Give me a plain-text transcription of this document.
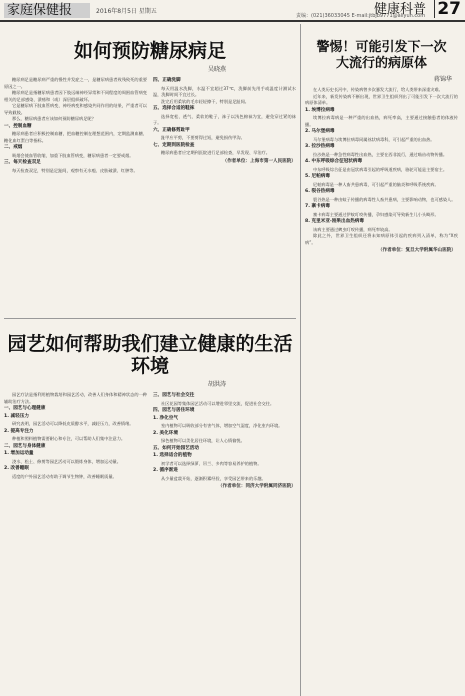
家庭保健报	2016年8月5日 星期五
责编：(021)36033045 E-mail:jtbjb9771@aliyun.com
健康科普 27
如何预防糖尿病足
吴晓燕

糖尿病足是糖尿病严重的慢性并发症之一，是糖尿病患者致残致死的重要原因之一。

糖尿病足是指糖尿病患者因下肢远端神经异常和不同程度的周围血管病变相关的足部感染、溃疡和（或）深层组织破坏。

它是糖尿病下肢血管病变、神经病变和感染共同作用的结果，严重者可以导致截肢。

那么，糖尿病患者应该如何预防糖尿病足呢？

一、控制血糖

糖尿病患者应积极控制血糖，把血糖控制在理想范围内，定期监测血糖、糖化血红蛋白等指标。

二、戒烟

吸烟会使血管收缩，加重下肢血管病变，糖尿病患者一定要戒烟。

三、每天检查双足

每天检查双足，特别是足趾间，观察有无水疱、皮肤破溃、红肿等。

四、正确洗脚

每天用温水洗脚，水温不宜超过37℃，洗脚前先用手或温度计测试水温，洗脚时间不宜过长。

洗完后用柔软的毛巾轻轻擦干，特别是足趾间。

五、选择合适的鞋袜

选择宽松、透气、柔软的鞋子，袜子以浅色棉袜为宜，避免穿过紧的袜子。

六、正确修剪趾甲

趾甲应平剪，不要剪得过短，避免损伤甲沟。

七、定期到医院检查

糖尿病患者应定期到医院进行足部检查，早发现、早治疗。

（作者单位：上海市第一人民医院）
警惕！可能引发下一次
大流行的病原体
蒋锦华

在人类历史长河中，传染病曾多次暴发大流行，给人类带来深重灾难。

近年来，新发传染病不断出现，世界卫生组织列出了可能引发下一次大流行的病原体清单。

1. 埃博拉病毒

埃博拉病毒病是一种严重的出血热，病死率高，主要通过接触患者的体液传播。

2. 马尔堡病毒

马尔堡病毒与埃博拉病毒同属丝状病毒科，可引起严重的出血热。

3. 拉沙热病毒

拉沙热是一种急性病毒性出血热，主要在西非流行，通过啮齿动物传播。

4. 中东呼吸综合征冠状病毒

中东呼吸综合征是由冠状病毒引起的呼吸道疾病，骆驼可能是主要宿主。

5. 尼帕病毒

尼帕病毒是一种人畜共患病毒，可引起严重的脑炎和呼吸系统疾病。

6. 裂谷热病毒

裂谷热是一种由蚊子传播的病毒性人畜共患病，主要影响动物，也可感染人。

7. 寨卡病毒

寨卡病毒主要通过伊蚊叮咬传播，孕妇感染可导致新生儿小头畸形。

8. 克里米亚-刚果出血热病毒

该病主要通过蜱虫叮咬传播，病死率较高。

除此之外，世界卫生组织还将未知病原体引起的疾病列入清单，称为“X疾病”。

（作者单位：复旦大学附属华山医院）
园艺如何帮助我们建立健康的生活环境
胡洪涛

园艺疗法是指利用植物栽培和园艺活动，改善人们身体和精神状态的一种辅助治疗方法。

一、园艺与心理健康

1. 减轻压力

研究表明，园艺活动可以降低皮质醇水平，减轻压力，改善情绪。

2. 提高专注力

种植和照料植物需要耐心和专注，可以帮助人们集中注意力。

二、园艺与身体健康

1. 增加运动量

浇水、松土、修剪等园艺活动可以锻炼身体，增加运动量。

2. 改善睡眠

适度的户外园艺活动有助于调节生物钟，改善睡眠质量。

三、园艺与社会交往

社区花园等集体园艺活动可以增进邻里交流，促进社会交往。

四、园艺与居住环境

1. 净化空气

室内植物可以吸收部分有害气体，增加空气湿度，净化室内环境。

2. 美化环境

绿色植物可以美化居住环境，让人心情愉悦。

五、如何开始园艺活动

1. 选择适合的植物

初学者可以选择绿萝、吊兰、多肉等容易养护的植物。

2. 循序渐进

从少量盆栽开始，逐渐积累经验，享受园艺带来的乐趣。

（作者单位：同济大学附属同济医院）
